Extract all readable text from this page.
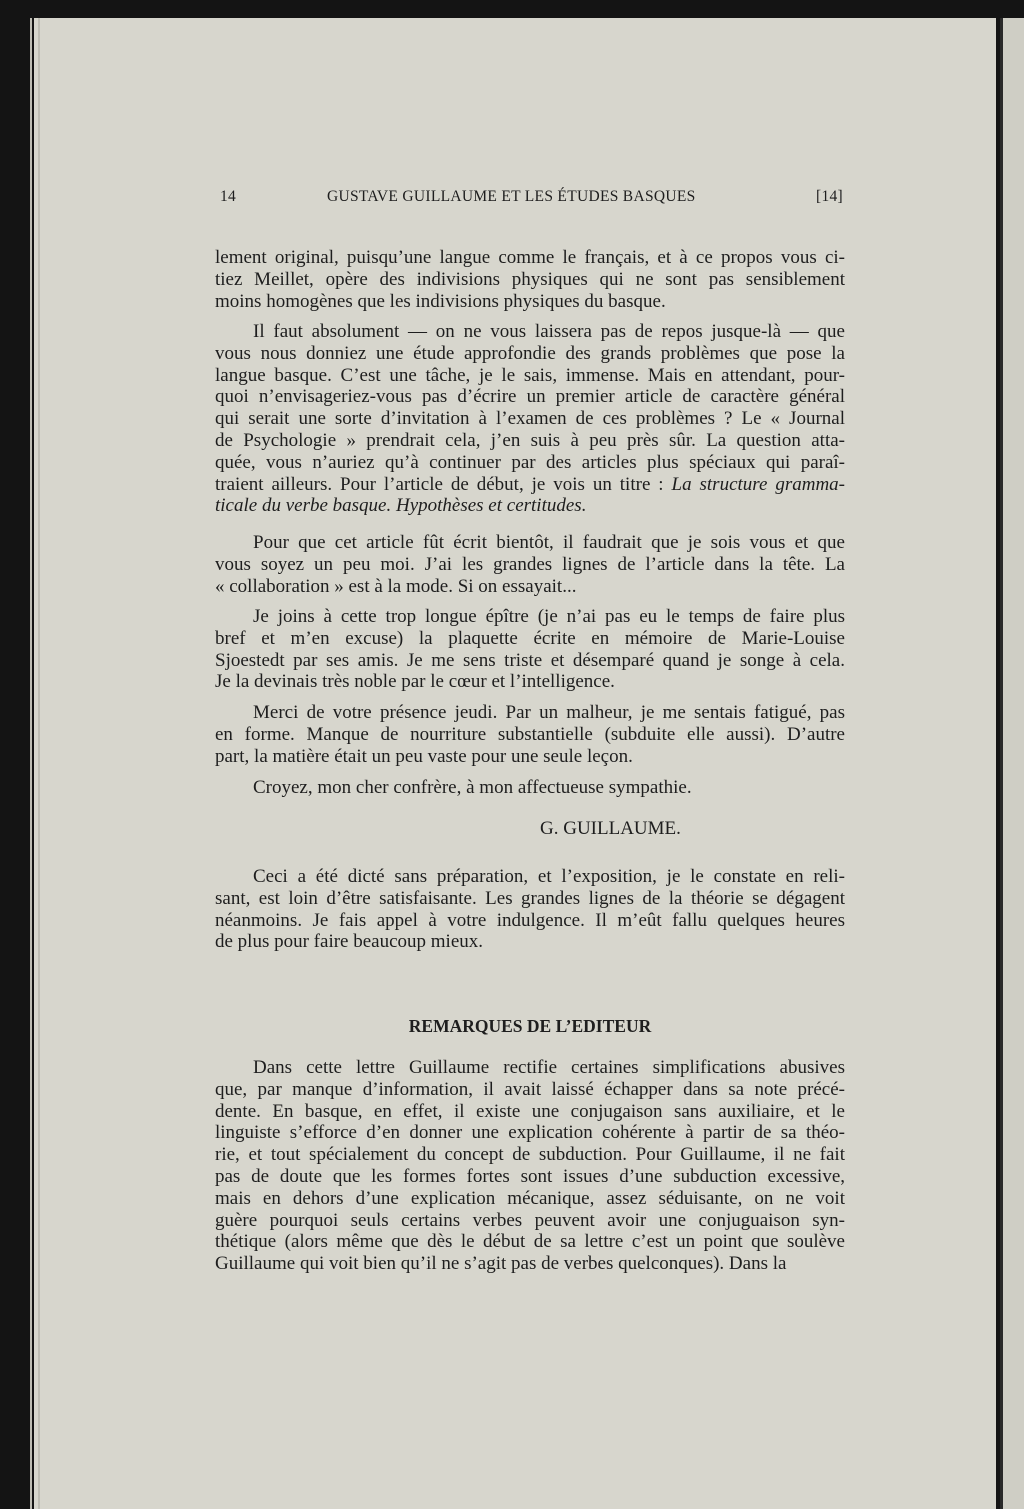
14	GUSTAVE GUILLAUME ET LES ÉTUDES BASQUES	[14]
lement original, puisqu’une langue comme le français, et à ce propos vous ci-
tiez Meillet, opère des indivisions physiques qui ne sont pas sensiblement
moins homogènes que les indivisions physiques du basque.
Il faut absolument — on ne vous laissera pas de repos jusque-là — que
vous nous donniez une étude approfondie des grands problèmes que pose la
langue basque. C’est une tâche, je le sais, immense. Mais en attendant, pour-
quoi n’envisageriez-vous pas d’écrire un premier article de caractère général
qui serait une sorte d’invitation à l’examen de ces problèmes ? Le « Journal
de Psychologie » prendrait cela, j’en suis à peu près sûr. La question atta-
quée, vous n’auriez qu’à continuer par des articles plus spéciaux qui paraî-
traient ailleurs. Pour l’article de début, je vois un titre : La structure gramma-
ticale du verbe basque. Hypothèses et certitudes.
Pour que cet article fût écrit bientôt, il faudrait que je sois vous et que
vous soyez un peu moi. J’ai les grandes lignes de l’article dans la tête. La
« collaboration » est à la mode. Si on essayait...
Je joins à cette trop longue épître (je n’ai pas eu le temps de faire plus
bref et m’en excuse) la plaquette écrite en mémoire de Marie-Louise
Sjoestedt par ses amis. Je me sens triste et désemparé quand je songe à cela.
Je la devinais très noble par le cœur et l’intelligence.
Merci de votre présence jeudi. Par un malheur, je me sentais fatigué, pas
en forme. Manque de nourriture substantielle (subduite elle aussi). D’autre
part, la matière était un peu vaste pour une seule leçon.
Croyez, mon cher confrère, à mon affectueuse sympathie.
G. GUILLAUME.
Ceci a été dicté sans préparation, et l’exposition, je le constate en reli-
sant, est loin d’être satisfaisante. Les grandes lignes de la théorie se dégagent
néanmoins. Je fais appel à votre indulgence. Il m’eût fallu quelques heures
de plus pour faire beaucoup mieux.
REMARQUES DE L’EDITEUR
Dans cette lettre Guillaume rectifie certaines simplifications abusives
que, par manque d’information, il avait laissé échapper dans sa note précé-
dente. En basque, en effet, il existe une conjugaison sans auxiliaire, et le
linguiste s’efforce d’en donner une explication cohérente à partir de sa théo-
rie, et tout spécialement du concept de subduction. Pour Guillaume, il ne fait
pas de doute que les formes fortes sont issues d’une subduction excessive,
mais en dehors d’une explication mécanique, assez séduisante, on ne voit
guère pourquoi seuls certains verbes peuvent avoir une conjuguaison syn-
thétique (alors même que dès le début de sa lettre c’est un point que soulève
Guillaume qui voit bien qu’il ne s’agit pas de verbes quelconques). Dans la
